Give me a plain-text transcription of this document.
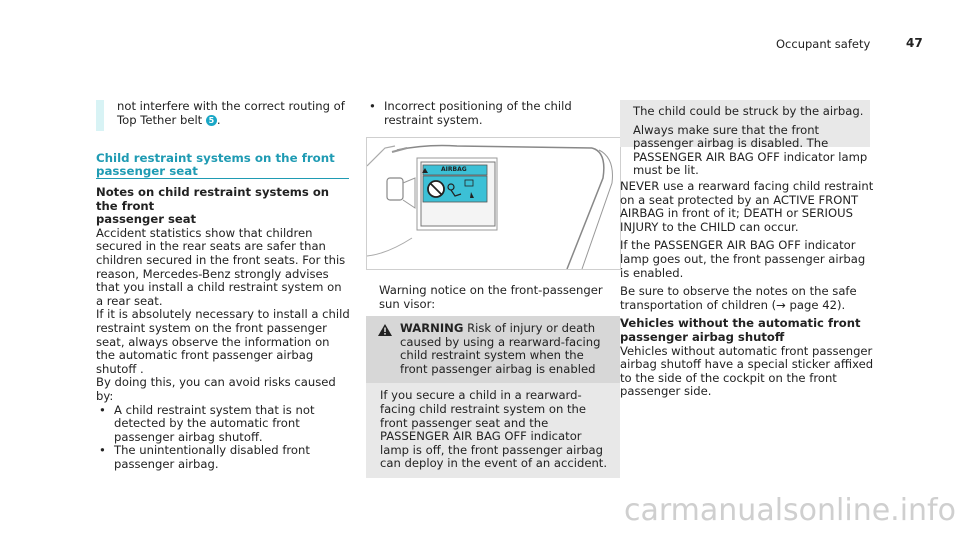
Occupant safety	47

not interfere with the correct routing of Top Tether belt 5 .

Child restraint systems on the front
passenger seat
Notes on child restraint systems on the front
passenger seat

Accident statistics show that children secured in the rear seats are safer than children secured in the front seats. For this reason, Mercedes-Benz strongly advises that you install a child restraint system on a rear seat.

If it is absolutely necessary to install a child restraint system on the front passenger seat, always observe the information on the automatic front passenger airbag shutoff .

By doing this, you can avoid risks caused by:

• A child restraint system that is not detected by the automatic front passenger airbag shutoff.

• The unintentionally disabled front passenger airbag.

• Incorrect positioning of the child restraint system.

AIRBAG

Warning notice on the front-passenger sun visor:

WARNING Risk of injury or death caused by using a rearward-facing child restraint system when the front passenger airbag is enabled
If you secure a child in a rearward-facing child restraint system on the front passenger seat and the PASSENGER AIR BAG OFF indicator lamp is off, the front passenger airbag can deploy in the event of an accident.

The child could be struck by the airbag.

Always make sure that the front passenger airbag is disabled. The PASSENGER AIR BAG OFF indicator lamp must be lit.

NEVER use a rearward facing child restraint on a seat protected by an ACTIVE FRONT AIRBAG in front of it; DEATH or SERIOUS INJURY to the CHILD can occur.

If the PASSENGER AIR BAG OFF indicator lamp goes out, the front passenger airbag is enabled.

Be sure to observe the notes on the safe transportation of children (→ page 42).

Vehicles without the automatic front
passenger airbag shutoff

Vehicles without automatic front passenger airbag shutoff have a special sticker affixed to the side of the cockpit on the front passenger side.

carmanualsonline.info
